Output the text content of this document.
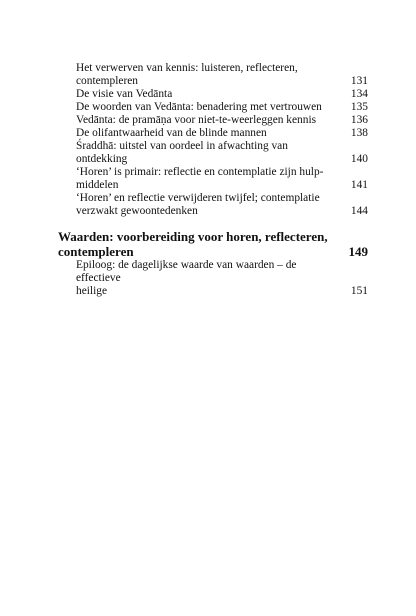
Het verwerven van kennis: luisteren, reflecteren,
contempleren	131
De visie van Vedānta	134
De woorden van Vedānta: benadering met vertrouwen	135
Vedānta: de pramāṇa voor niet-te-weerleggen kennis	136
De olifantwaarheid van de blinde mannen	138
Śraddhā: uitstel van oordeel in afwachting van ontdekking	140
‘Horen’ is primair: reflectie en contemplatie zijn hulp-
middelen	141
‘Horen’ en reflectie verwijderen twijfel; contemplatie
verzwakt gewoontedenken	144
Waarden: voorbereiding voor horen, reflecteren,
contempleren	149
Epiloog: de dagelijkse waarde van waarden – de effectieve
heilige	151
